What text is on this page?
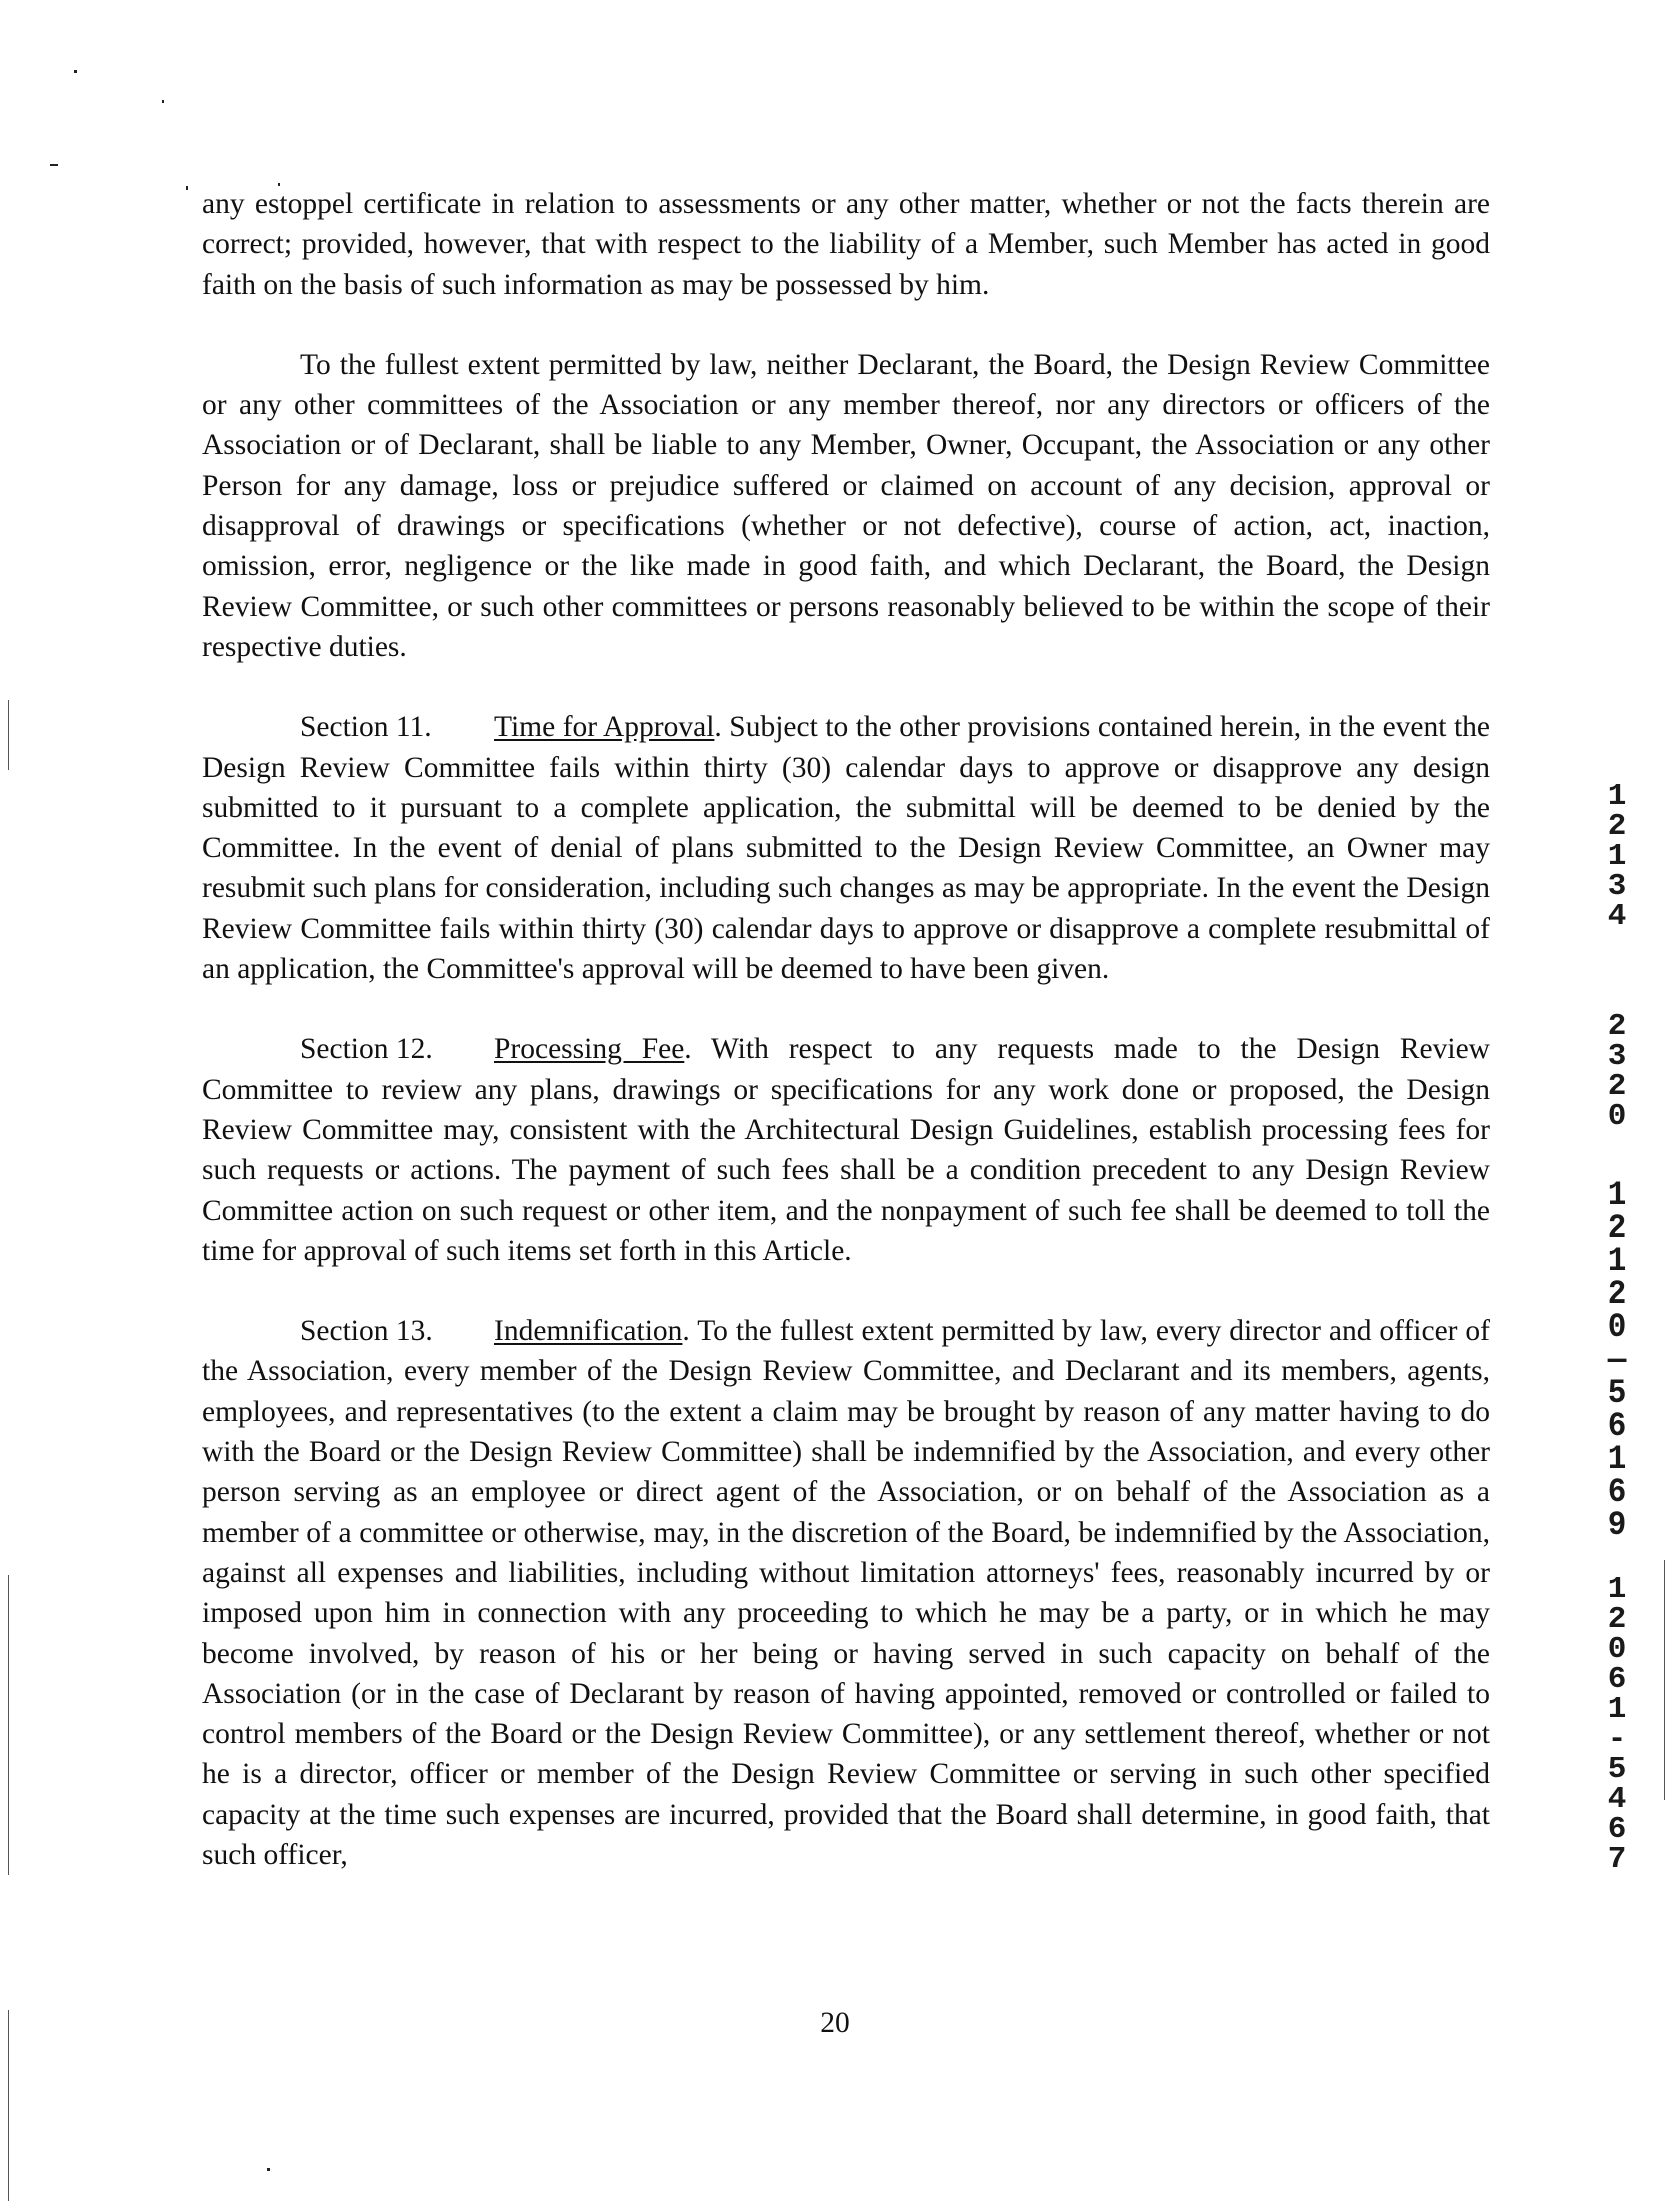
any estoppel certificate in relation to assessments or any other matter, whether or not the facts therein are correct; provided, however, that with respect to the liability of a Member, such Member has acted in good faith on the basis of such information as may be possessed by him.

To the fullest extent permitted by law, neither Declarant, the Board, the Design Review Committee or any other committees of the Association or any member thereof, nor any directors or officers of the Association or of Declarant, shall be liable to any Member, Owner, Occupant, the Association or any other Person for any damage, loss or prejudice suffered or claimed on account of any decision, approval or disapproval of drawings or specifications (whether or not defective), course of action, act, inaction, omission, error, negligence or the like made in good faith, and which Declarant, the Board, the Design Review Committee, or such other committees or persons reasonably believed to be within the scope of their respective duties.

Section 11. Time for Approval. Subject to the other provisions contained herein, in the event the Design Review Committee fails within thirty (30) calendar days to approve or disapprove any design submitted to it pursuant to a complete application, the submittal will be deemed to be denied by the Committee. In the event of denial of plans submitted to the Design Review Committee, an Owner may resubmit such plans for consideration, including such changes as may be appropriate. In the event the Design Review Committee fails within thirty (30) calendar days to approve or disapprove a complete resubmittal of an application, the Committee's approval will be deemed to have been given.

Section 12. Processing Fee. With respect to any requests made to the Design Review Committee to review any plans, drawings or specifications for any work done or proposed, the Design Review Committee may, consistent with the Architectural Design Guidelines, establish processing fees for such requests or actions. The payment of such fees shall be a condition precedent to any Design Review Committee action on such request or other item, and the nonpayment of such fee shall be deemed to toll the time for approval of such items set forth in this Article.

Section 13. Indemnification. To the fullest extent permitted by law, every director and officer of the Association, every member of the Design Review Committee, and Declarant and its members, agents, employees, and representatives (to the extent a claim may be brought by reason of any matter having to do with the Board or the Design Review Committee) shall be indemnified by the Association, and every other person serving as an employee or direct agent of the Association, or on behalf of the Association as a member of a committee or otherwise, may, in the discretion of the Board, be indemnified by the Association, against all expenses and liabilities, including without limitation attorneys' fees, reasonably incurred by or imposed upon him in connection with any proceeding to which he may be a party, or in which he may become involved, by reason of his or her being or having served in such capacity on behalf of the Association (or in the case of Declarant by reason of having appointed, removed or controlled or failed to control members of the Board or the Design Review Committee), or any settlement thereof, whether or not he is a director, officer or member of the Design Review Committee or serving in such other specified capacity at the time such expenses are incurred, provided that the Board shall determine, in good faith, that such officer,

20
1
2
1
3
4
2
3
2
0
1
2
1
2
0
—
5
6
1
6
9
1
2
0
6
1
-
5
4
6
7
